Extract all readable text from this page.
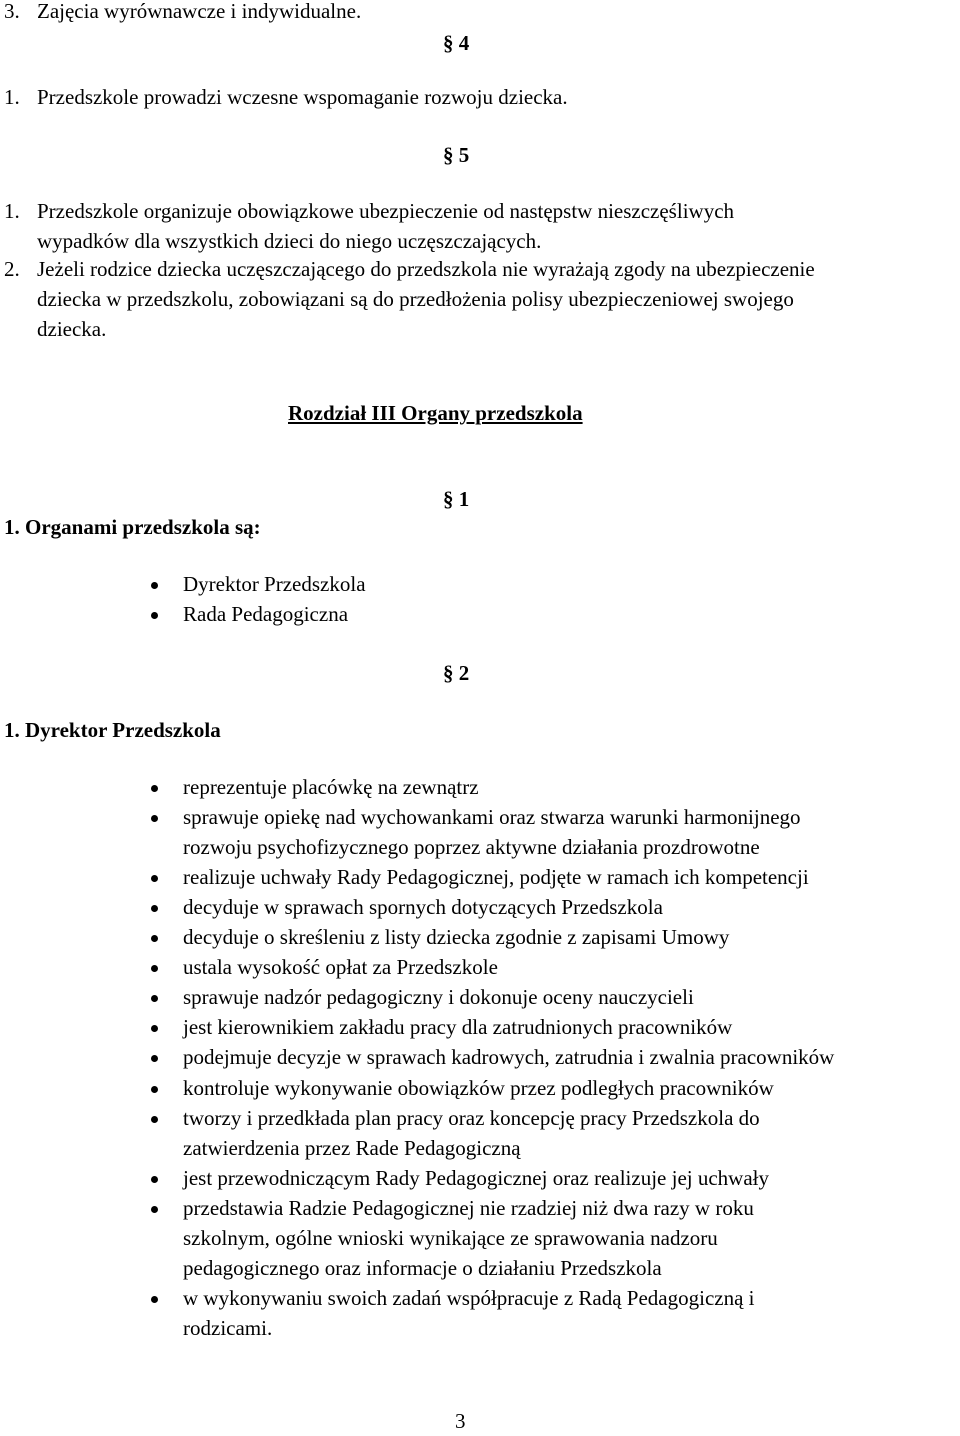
3. Zajęcia wyrównawcze i indywidualne.
§ 4
1. Przedszkole prowadzi wczesne wspomaganie rozwoju dziecka.
§ 5
1. Przedszkole organizuje obowiązkowe ubezpieczenie od następstw nieszczęśliwych
wypadków dla wszystkich dzieci do niego uczęszczających.
2. Jeżeli rodzice dziecka uczęszczającego do przedszkola nie wyrażają zgody na ubezpieczenie
dziecka w przedszkolu, zobowiązani są do przedłożenia polisy ubezpieczeniowej swojego
dziecka.
Rozdział III Organy przedszkola
§ 1
1. Organami przedszkola są:
Dyrektor Przedszkola
Rada Pedagogiczna
§ 2
1. Dyrektor Przedszkola
reprezentuje placówkę na zewnątrz
sprawuje opiekę nad wychowankami oraz stwarza warunki harmonijnego
rozwoju psychofizycznego poprzez aktywne działania prozdrowotne
realizuje uchwały Rady Pedagogicznej, podjęte w ramach ich kompetencji
decyduje w sprawach spornych dotyczących Przedszkola
decyduje o skreśleniu z listy dziecka zgodnie z zapisami Umowy
ustala wysokość opłat za Przedszkole
sprawuje nadzór pedagogiczny i dokonuje oceny nauczycieli
jest kierownikiem zakładu pracy dla zatrudnionych pracowników
podejmuje decyzje w sprawach kadrowych, zatrudnia i zwalnia pracowników
kontroluje wykonywanie obowiązków przez podległych pracowników
tworzy i przedkłada plan pracy oraz koncepcję pracy Przedszkola do
zatwierdzenia przez Rade Pedagogiczną
jest przewodniczącym Rady Pedagogicznej oraz realizuje jej uchwały
przedstawia Radzie Pedagogicznej nie rzadziej niż dwa razy w roku
szkolnym, ogólne wnioski wynikające ze sprawowania nadzoru
pedagogicznego oraz informacje o działaniu Przedszkola
w wykonywaniu swoich zadań współpracuje z Radą Pedagogiczną i
rodzicami.
3
